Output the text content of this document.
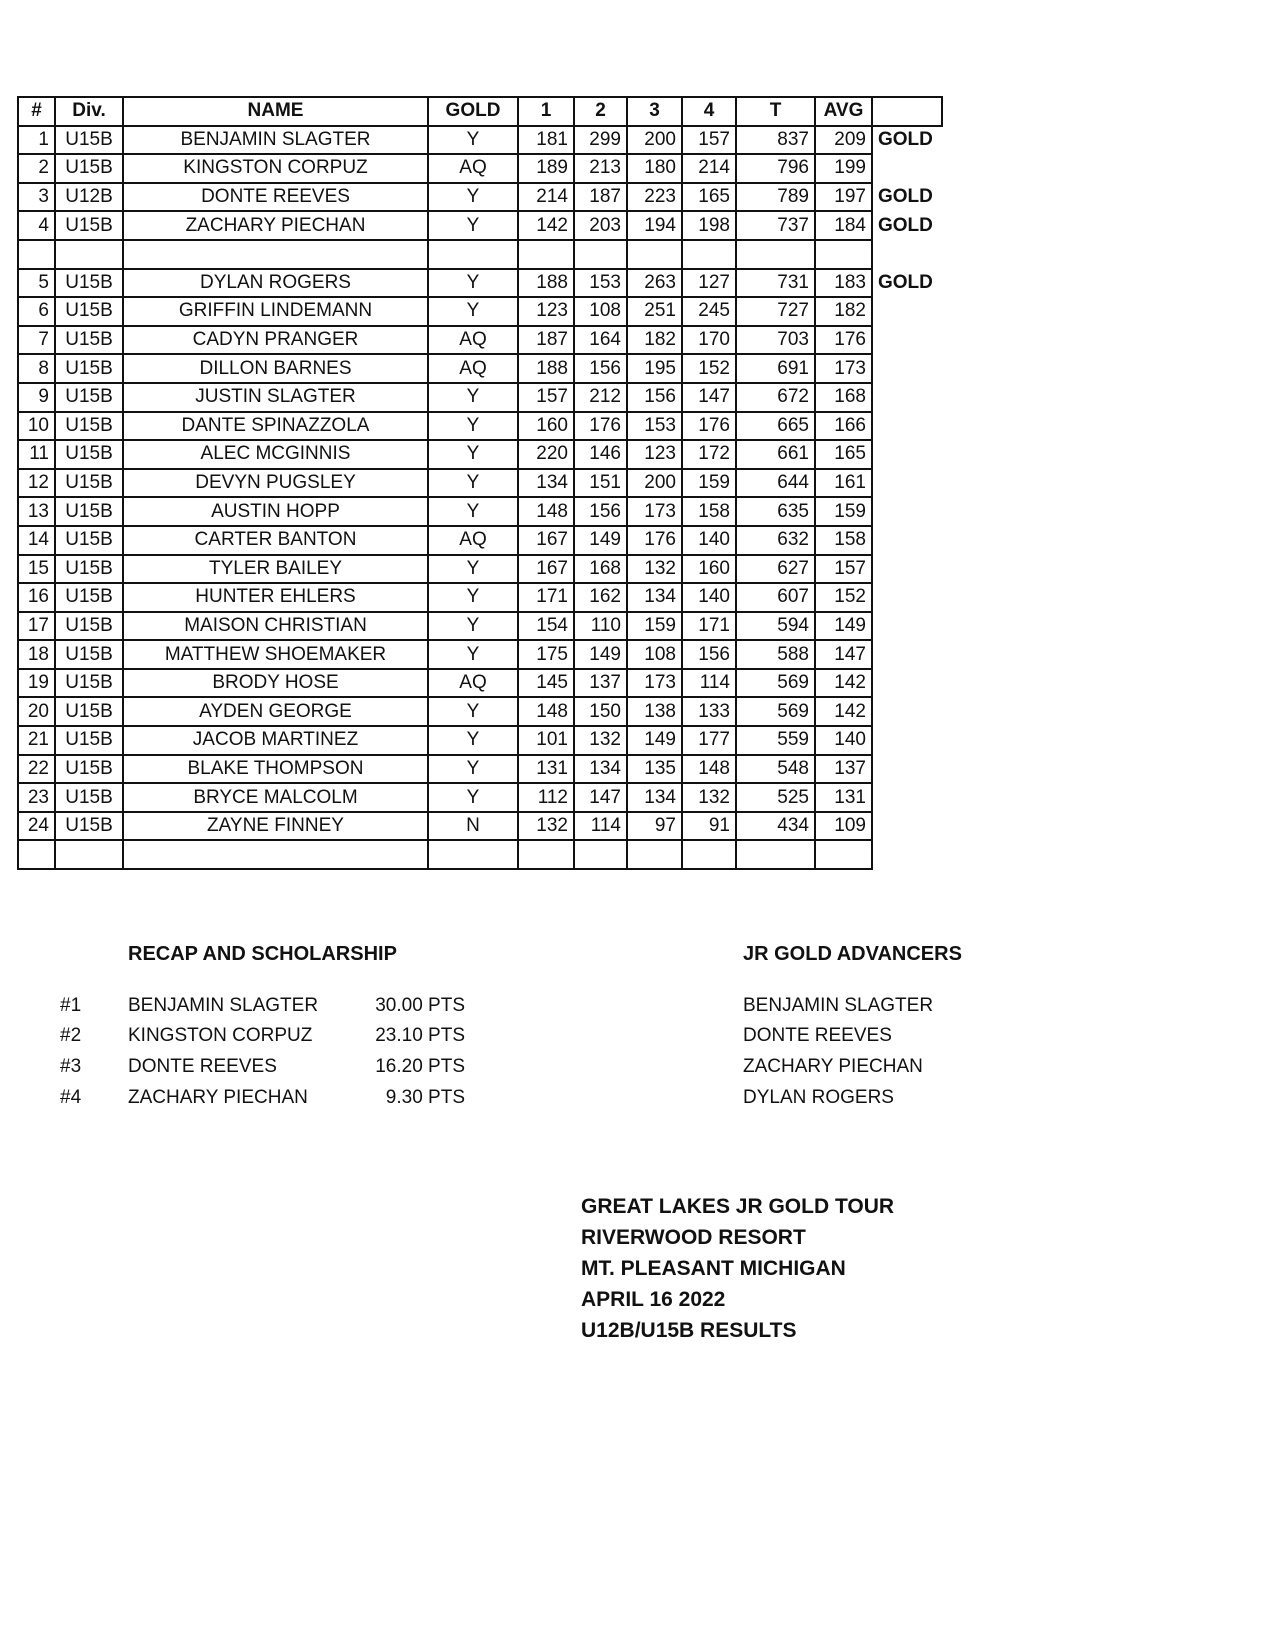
#	Div.	NAME	GOLD	1	2	3	4	T	AVG	
1	U15B	BENJAMIN SLAGTER	Y	181	299	200	157	837	209	GOLD
2	U15B	KINGSTON CORPUZ	AQ	189	213	180	214	796	199	
3	U12B	DONTE REEVES	Y	214	187	223	165	789	197	GOLD
4	U15B	ZACHARY PIECHAN	Y	142	203	194	198	737	184	GOLD

5	U15B	DYLAN ROGERS	Y	188	153	263	127	731	183	GOLD
6	U15B	GRIFFIN LINDEMANN	Y	123	108	251	245	727	182	
7	U15B	CADYN PRANGER	AQ	187	164	182	170	703	176	
8	U15B	DILLON BARNES	AQ	188	156	195	152	691	173	
9	U15B	JUSTIN SLAGTER	Y	157	212	156	147	672	168	
10	U15B	DANTE SPINAZZOLA	Y	160	176	153	176	665	166	
11	U15B	ALEC MCGINNIS	Y	220	146	123	172	661	165	
12	U15B	DEVYN PUGSLEY	Y	134	151	200	159	644	161	
13	U15B	AUSTIN HOPP	Y	148	156	173	158	635	159	
14	U15B	CARTER BANTON	AQ	167	149	176	140	632	158	
15	U15B	TYLER BAILEY	Y	167	168	132	160	627	157	
16	U15B	HUNTER EHLERS	Y	171	162	134	140	607	152	
17	U15B	MAISON CHRISTIAN	Y	154	110	159	171	594	149	
18	U15B	MATTHEW SHOEMAKER	Y	175	149	108	156	588	147	
19	U15B	BRODY HOSE	AQ	145	137	173	114	569	142	
20	U15B	AYDEN GEORGE	Y	148	150	138	133	569	142	
21	U15B	JACOB MARTINEZ	Y	101	132	149	177	559	140	
22	U15B	BLAKE THOMPSON	Y	131	134	135	148	548	137	
23	U15B	BRYCE MALCOLM	Y	112	147	134	132	525	131	
24	U15B	ZAYNE FINNEY	N	132	114	97	91	434	109	

RECAP AND SCHOLARSHIP	JR GOLD ADVANCERS
#1 BENJAMIN SLAGTER	30.00 PTS
#2 KINGSTON CORPUZ	23.10 PTS
#3 DONTE REEVES	16.20 PTS
#4 ZACHARY PIECHAN	9.30 PTS
BENJAMIN SLAGTER
DONTE REEVES
ZACHARY PIECHAN
DYLAN ROGERS
GREAT LAKES JR GOLD TOUR
RIVERWOOD RESORT
MT. PLEASANT MICHIGAN
APRIL 16 2022
U12B/U15B RESULTS
